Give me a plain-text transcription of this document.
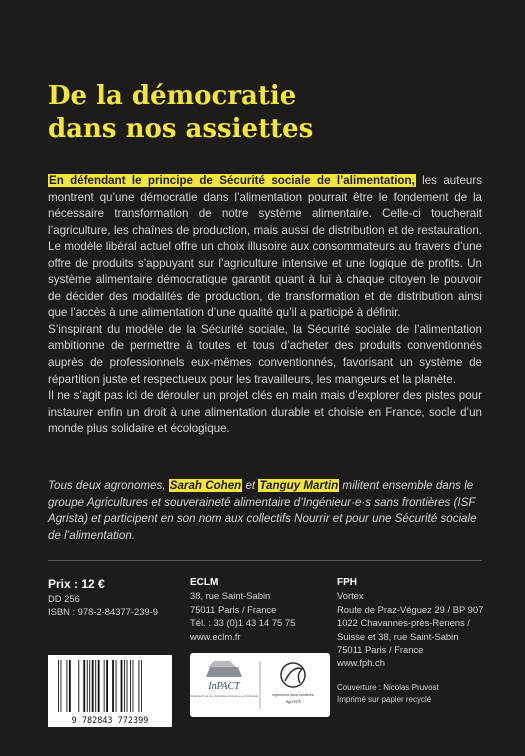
De la démocratie
dans nos assiettes

En défendant le principe de Sécurité sociale de l’alimentation, les auteurs montrent qu’une démocratie dans l’alimentation pourrait être le fondement de la nécessaire transformation de notre système alimentaire. Celle-ci toucherait l’agriculture, les chaînes de production, mais aussi de distribution et de restauration. Le modèle libéral actuel offre un choix illusoire aux consommateurs au travers d’une offre de produits s’appuyant sur l’agriculture intensive et une logique de profits. Un système alimentaire démocratique garantit quant à lui à chaque citoyen le pouvoir de décider des modalités de production, de transformation et de distribution ainsi que l’accès à une alimentation d’une qualité qu’il a participé à définir.

S’inspirant du modèle de la Sécurité sociale, la Sécurité sociale de l’alimentation ambitionne de permettre à toutes et tous d’acheter des produits conventionnés auprès de professionnels eux-mêmes conventionnés, favorisant un système de répartition juste et respectueux pour les travailleurs, les mangeurs et la planète.

Il ne s’agit pas ici de dérouler un projet clés en main mais d’explorer des pistes pour instaurer enfin un droit à une alimentation durable et choisie en France, socle d’un monde plus solidaire et écologique.

Tous deux agronomes, Sarah Cohen et Tanguy Martin militent ensemble dans le groupe Agricultures et souveraineté alimentaire d’Ingénieur·e·s sans frontières (ISF Agrista) et participent en son nom aux collectifs Nourrir et pour une Sécurité sociale de l’alimentation.

Prix : 12 €
DD 256
ISBN : 978-2-84377-239-9
ECLM
38, rue Saint-Sabin
75011 Paris / France
Tél. : 33 (0)1 43 14 75 75
www.eclm.fr
FPH
Vortex
Route de Praz-Véguez 29 / BP 907
1022 Chavannes-près-Renens /
Suisse et 38, rue Saint-Sabin
75011 Paris / France
www.fph.ch
9 782843 772399
InPACT
Initiatives Pour une Agriculture Citoyenne et Territoriale	Ingénieurs sans frontières
AgriSTA
Couverture : Nicolas Pruvost
Imprimé sur papier recyclé
